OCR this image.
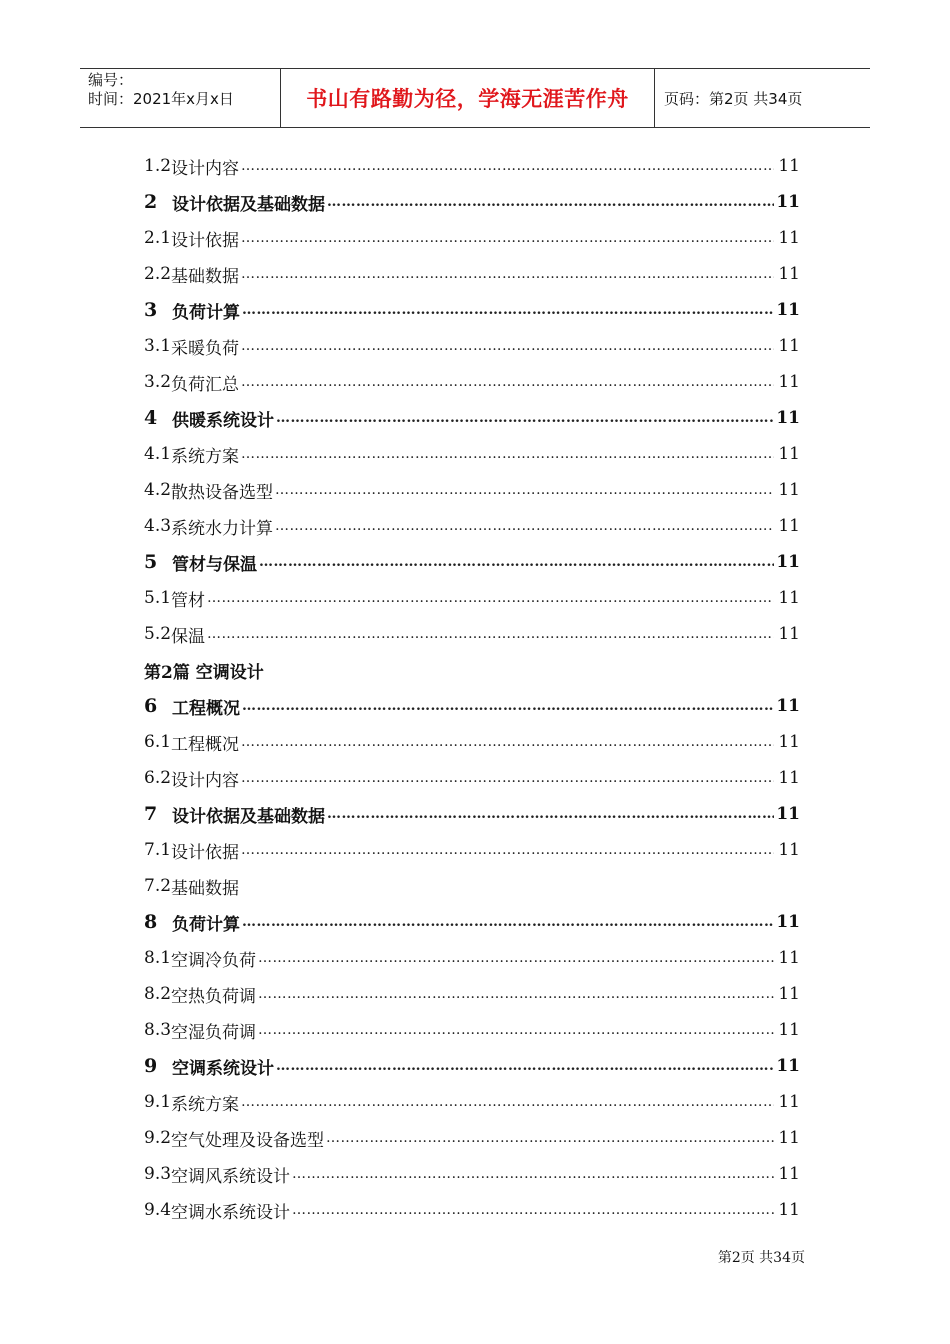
编号：
时间：2021年x月x日	书山有路勤为径，学海无涯苦作舟	页码：第2页 共34页
1.2 设计内容 ……………………………………………………………………………………………………………………………………………………	11
2 设计依据及基础数据 ……………………………………………………………………………………………………………………………………………………	11
2.1 设计依据 ……………………………………………………………………………………………………………………………………………………	11
2.2 基础数据 ……………………………………………………………………………………………………………………………………………………	11
3 负荷计算 ……………………………………………………………………………………………………………………………………………………	11
3.1 采暖负荷 ……………………………………………………………………………………………………………………………………………………	11
3.2 负荷汇总 ……………………………………………………………………………………………………………………………………………………	11
4 供暖系统设计 ……………………………………………………………………………………………………………………………………………………	11
4.1 系统方案 ……………………………………………………………………………………………………………………………………………………	11
4.2 散热设备选型 ……………………………………………………………………………………………………………………………………………………	11
4.3 系统水力计算 ……………………………………………………………………………………………………………………………………………………	11
5 管材与保温 ……………………………………………………………………………………………………………………………………………………	11
5.1 管材 ……………………………………………………………………………………………………………………………………………………	11
5.2 保温 ……………………………………………………………………………………………………………………………………………………	11
第2篇 空调设计
6 工程概况 ……………………………………………………………………………………………………………………………………………………	11
6.1 工程概况 ……………………………………………………………………………………………………………………………………………………	11
6.2 设计内容 ……………………………………………………………………………………………………………………………………………………	11
7 设计依据及基础数据 ……………………………………………………………………………………………………………………………………………………	11
7.1 设计依据 ……………………………………………………………………………………………………………………………………………………	11
7.2 基础数据
8 负荷计算 ……………………………………………………………………………………………………………………………………………………	11
8.1 空调冷负荷 ……………………………………………………………………………………………………………………………………………………	11
8.2 空热负荷调 ……………………………………………………………………………………………………………………………………………………	11
8.3 空湿负荷调 ……………………………………………………………………………………………………………………………………………………	11
9 空调系统设计 ……………………………………………………………………………………………………………………………………………………	11
9.1 系统方案 ……………………………………………………………………………………………………………………………………………………	11
9.2 空气处理及设备选型 ……………………………………………………………………………………………………………………………………………………	11
9.3 空调风系统设计 ……………………………………………………………………………………………………………………………………………………	11
9.4 空调水系统设计 ……………………………………………………………………………………………………………………………………………………	11
第2页 共34页
